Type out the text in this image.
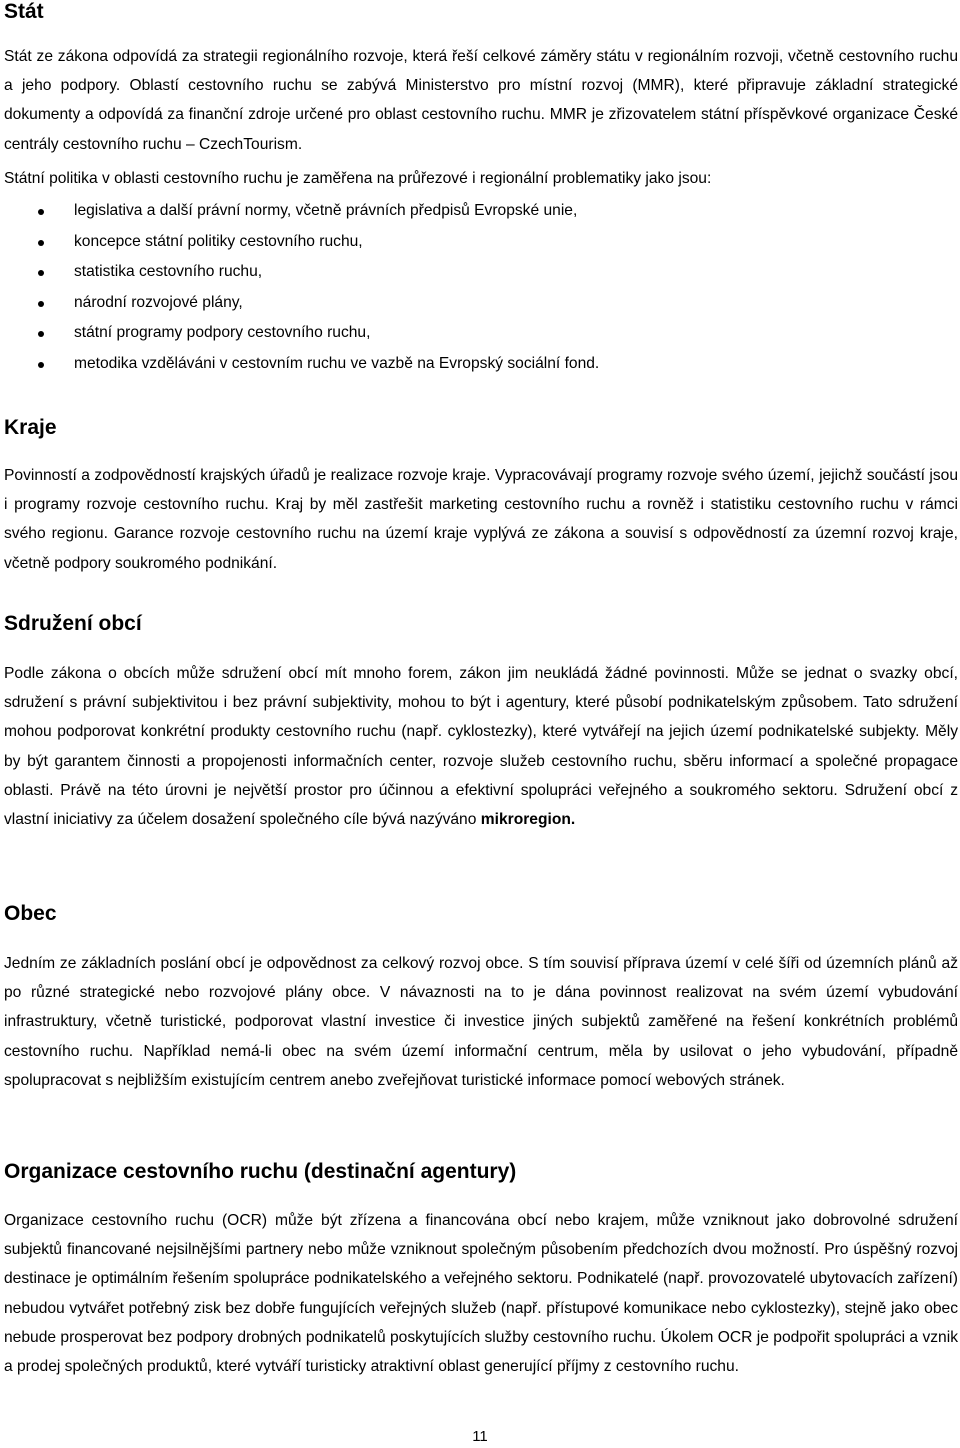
Stát

Stát ze zákona odpovídá za strategii regionálního rozvoje, která řeší celkové záměry státu v regionálním rozvoji, včetně cestovního ruchu a jeho podpory. Oblastí cestovního ruchu se zabývá Ministerstvo pro místní rozvoj (MMR), které připravuje základní strategické dokumenty a odpovídá za finanční zdroje určené pro oblast cestovního ruchu. MMR je zřizovatelem státní příspěvkové organizace České centrály cestovního ruchu – CzechTourism.

Státní politika v oblasti cestovního ruchu je zaměřena na průřezové i regionální problematiky jako jsou:

legislativa a další právní normy, včetně právních předpisů Evropské unie,
koncepce státní politiky cestovního ruchu,
statistika cestovního ruchu,
národní rozvojové plány,
státní programy podpory cestovního ruchu,
metodika vzděláváni v cestovním ruchu ve vazbě na Evropský sociální fond.
Kraje

Povinností a zodpovědností krajských úřadů je realizace rozvoje kraje. Vypracovávají programy rozvoje svého území, jejichž součástí jsou i programy rozvoje cestovního ruchu. Kraj by měl zastřešit marketing cestovního ruchu a rovněž i statistiku cestovního ruchu v rámci svého regionu. Garance rozvoje cestovního ruchu na území kraje vyplývá ze zákona a souvisí s odpovědností za územní rozvoj kraje, včetně podpory soukromého podnikání.

Sdružení obcí

Podle zákona o obcích může sdružení obcí mít mnoho forem, zákon jim neukládá žádné povinnosti. Může se jednat o svazky obcí, sdružení s právní subjektivitou i bez právní subjektivity, mohou to být i agentury, které působí podnikatelským způsobem. Tato sdružení mohou podporovat konkrétní produkty cestovního ruchu (např. cyklostezky), které vytvářejí na jejich území podnikatelské subjekty. Měly by být garantem činnosti a propojenosti informačních center, rozvoje služeb cestovního ruchu, sběru informací a společné propagace oblasti. Právě na této úrovni je největší prostor pro účinnou a efektivní spolupráci veřejného a soukromého sektoru. Sdružení obcí z vlastní iniciativy za účelem dosažení společného cíle bývá nazýváno mikroregion.

Obec

Jedním ze základních poslání obcí je odpovědnost za celkový rozvoj obce. S tím souvisí příprava území v celé šíři od územních plánů až po různé strategické nebo rozvojové plány obce. V návaznosti na to je dána povinnost realizovat na svém území vybudování infrastruktury, včetně turistické, podporovat vlastní investice či investice jiných subjektů zaměřené na řešení konkrétních problémů cestovního ruchu. Například nemá-li obec na svém území informační centrum, měla by usilovat o jeho vybudování, případně spolupracovat s nejbližším existujícím centrem anebo zveřejňovat turistické informace pomocí webových stránek.

Organizace cestovního ruchu (destinační agentury)

Organizace cestovního ruchu (OCR) může být zřízena a financována obcí nebo krajem, může vzniknout jako dobrovolné sdružení subjektů financované nejsilnějšími partnery nebo může vzniknout společným působením předchozích dvou možností. Pro úspěšný rozvoj destinace je optimálním řešením spolupráce podnikatelského a veřejného sektoru. Podnikatelé (např. provozovatelé ubytovacích zařízení) nebudou vytvářet potřebný zisk bez dobře fungujících veřejných služeb (např. přístupové komunikace nebo cyklostezky), stejně jako obec nebude prosperovat bez podpory drobných podnikatelů poskytujících služby cestovního ruchu. Úkolem OCR je podpořit spolupráci a vznik a prodej společných produktů, které vytváří turisticky atraktivní oblast generující příjmy z cestovního ruchu.

11
